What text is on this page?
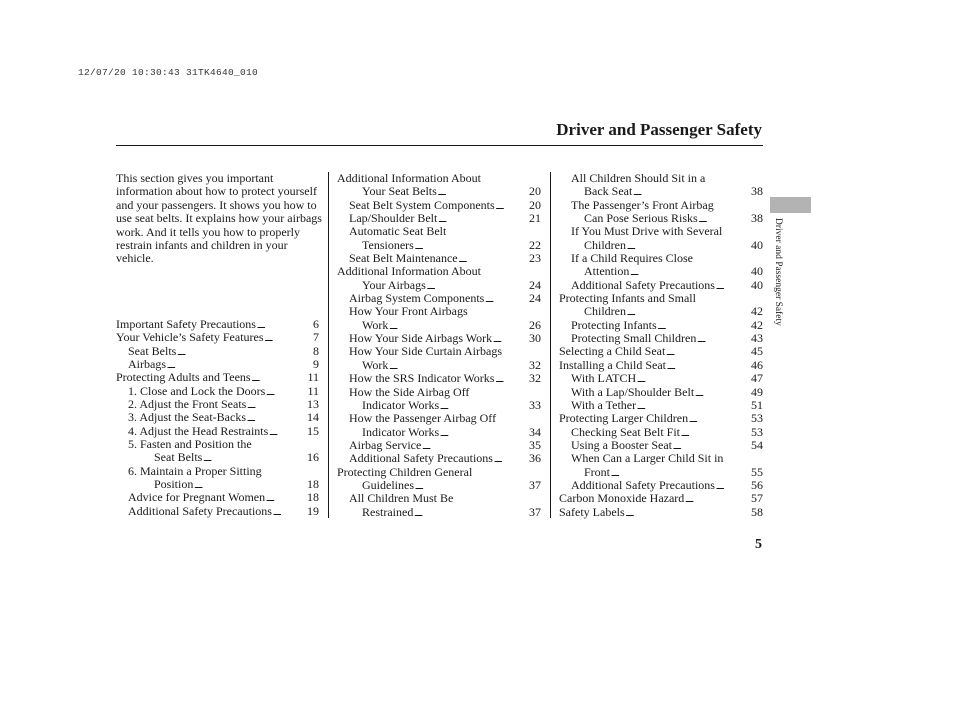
12/07/20 10:30:43 31TK4640_010
Driver and Passenger Safety
Driver and Passenger Safety
5
This section gives you important information about how to protect yourself and your passengers. It shows you how to use seat belts. It explains how your airbags work. And it tells you how to properly restrain infants and children in your vehicle.
Important Safety Precautions . . .	6
Your Vehicle’s Safety Features . . .	7
Seat Belts . . .	8
Airbags . . .	9
Protecting Adults and Teens . . .	11
1. Close and Lock the Doors . . .	11
2. Adjust the Front Seats . . .	13
3. Adjust the Seat-Backs . . .	14
4. Adjust the Head Restraints . . .	15
5. Fasten and Position the
Seat Belts . . .	16
6. Maintain a Proper Sitting
Position . . .	18
Advice for Pregnant Women . . .	18
Additional Safety Precautions . . .	19
Additional Information About
Your Seat Belts . . .	20
Seat Belt System Components . . .	20
Lap/Shoulder Belt . . .	21
Automatic Seat Belt
Tensioners . . .	22
Seat Belt Maintenance . . .	23
Additional Information About
Your Airbags . . .	24
Airbag System Components . . .	24
How Your Front Airbags
Work . . .	26
How Your Side Airbags Work . . .	30
How Your Side Curtain Airbags
Work . . .	32
How the SRS Indicator Works . . .	32
How the Side Airbag Off
Indicator Works . . .	33
How the Passenger Airbag Off
Indicator Works . . .	34
Airbag Service . . .	35
Additional Safety Precautions . . .	36
Protecting Children General
Guidelines . . .	37
All Children Must Be
Restrained . . .	37
All Children Should Sit in a
Back Seat . . .	38
The Passenger’s Front Airbag
Can Pose Serious Risks . . .	38
If You Must Drive with Several
Children . . .	40
If a Child Requires Close
Attention . . .	40
Additional Safety Precautions . . .	40
Protecting Infants and Small
Children . . .	42
Protecting Infants . . .	42
Protecting Small Children . . .	43
Selecting a Child Seat . . .	45
Installing a Child Seat . . .	46
With LATCH . . .	47
With a Lap/Shoulder Belt . . .	49
With a Tether . . .	51
Protecting Larger Children . . .	53
Checking Seat Belt Fit . . .	53
Using a Booster Seat . . .	54
When Can a Larger Child Sit in
Front . . .	55
Additional Safety Precautions . . .	56
Carbon Monoxide Hazard . . .	57
Safety Labels . . .	58
